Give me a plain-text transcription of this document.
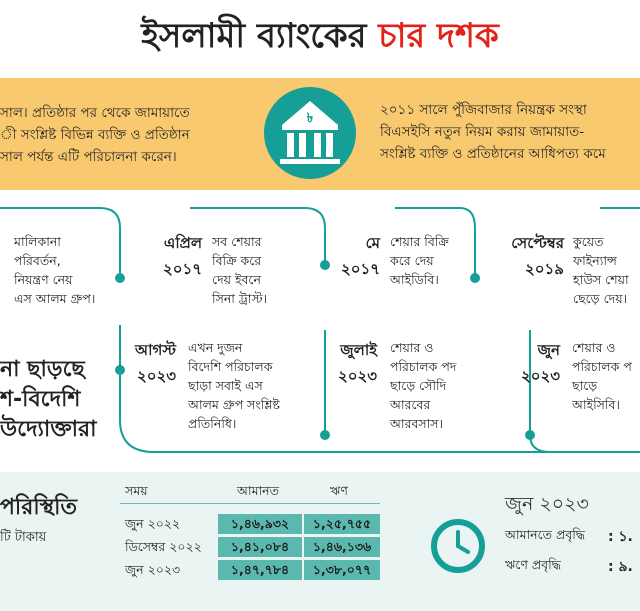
ইসলামী ব্যাংকের চার দশক
সাল। প্রতিষ্ঠার পর থেকে জামায়াতে
ী সংশ্লিষ্ট বিভিন্ন ব্যক্তি ও প্রতিষ্ঠান
সাল পর্যন্ত এটি পরিচালনা করেন।
২০১১ সালে পুঁজিবাজার নিয়ন্ত্রক সংস্থা
বিএসইসি নতুন নিয়ম করায় জামায়াত-
সংশ্লিষ্ট ব্যক্তি ও প্রতিষ্ঠানের আধিপত্য কমে
৳
মালিকানা
পরিবর্তন,
নিয়ন্ত্রণ নেয়
এস আলম গ্রুপ।
এপ্রিল
২০১৭
সব শেয়ার
বিক্রি করে
দেয় ইবনে
সিনা ট্রাস্ট।
মে
২০১৭
শেয়ার বিক্রি
করে দেয়
আইডিবি।
সেপ্টেম্বর
২০১৯
কুয়েত
ফাইন্যান্স
হাউস শেয়া
ছেড়ে দেয়।
না ছাড়ছে
শ-বিদেশি
উদ্যোক্তারা
আগস্ট
২০২৩
এখন দুজন
বিদেশি পরিচালক
ছাড়া সবাই এস
আলম গ্রুপ সংশ্লিষ্ট
প্রতিনিধি।
জুলাই
২০২৩
শেয়ার ও
পরিচালক পদ
ছাড়ে সৌদি
আরবের
আরবসাস।
জুন
২০২৩
শেয়ার ও
পরিচালক প
ছাড়ে
আইসিবি।
পরিস্থিতি
টি টাকায়
সময়	আমানত	ঋণ
জুন ২০২২	১,৪৬,৯৩২	১,২৫,৭৫৫
ডিসেম্বর ২০২২	১,৪১,০৮৪	১,৪৬,১৩৬
জুন ২০২৩	১,৪৭,৭৮৪	১,৩৮,০৭৭
জুন ২০২৩
আমানতে প্রবৃদ্ধি : ১.
ঋণে প্রবৃদ্ধি	: ৯.
